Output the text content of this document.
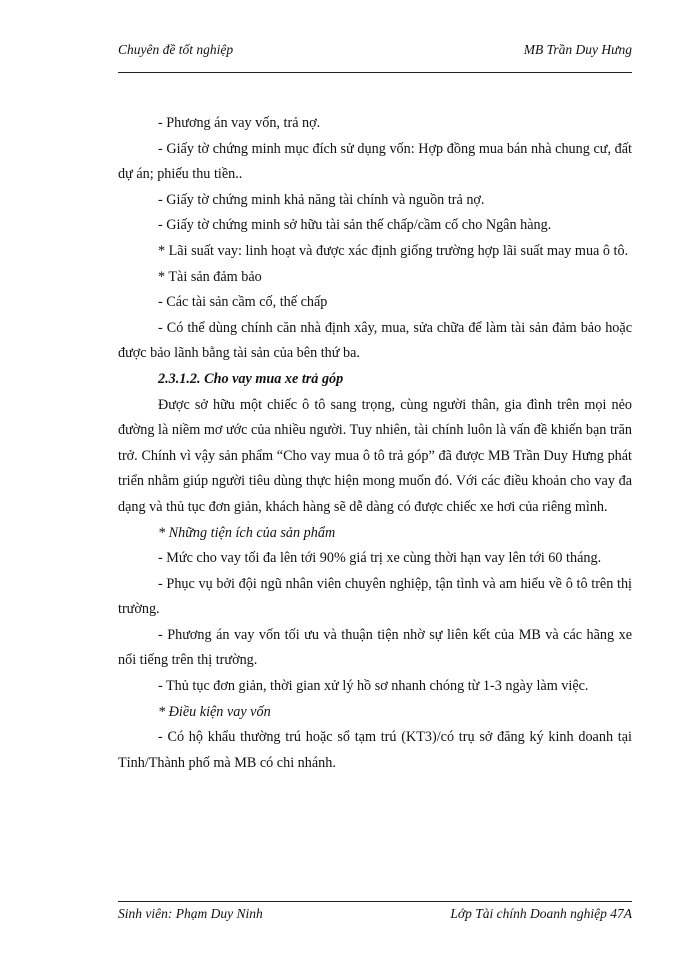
Chuyên đề tốt nghiệp	MB Trần Duy Hưng

- Phương án vay vốn, trả nợ.

- Giấy tờ chứng minh mục đích sử dụng vốn: Hợp đồng mua bán nhà chung cư, đất dự án; phiếu thu tiền..

- Giấy tờ chứng minh khả năng tài chính và nguồn trả nợ.

- Giấy tờ chứng minh sở hữu tài sản thế chấp/cầm cố cho Ngân hàng.

* Lãi suất vay: linh hoạt và được xác định giống trường hợp lãi suất may mua ô tô.

* Tài sản đảm bảo

- Các tài sản cầm cố, thế chấp

- Có thể dùng chính căn nhà định xây, mua, sửa chữa để làm tài sản đảm bảo hoặc được bảo lãnh bằng tài sản của bên thứ ba.

2.3.1.2. Cho vay mua xe trả góp

Được sở hữu một chiếc ô tô sang trọng, cùng người thân, gia đình trên mọi nẻo đường là niềm mơ ước của nhiều người. Tuy nhiên, tài chính luôn là vấn đề khiến bạn trăn trở. Chính vì vậy sản phẩm “Cho vay mua ô tô trả góp” đã được MB Trần Duy Hưng phát triển nhằm giúp người tiêu dùng thực hiện mong muốn đó. Với các điều khoản cho vay đa dạng và thủ tục đơn giản, khách hàng sẽ dễ dàng có được chiếc xe hơi của riêng mình.

* Những tiện ích của sản phẩm

- Mức cho vay tối đa lên tới 90% giá trị xe cùng thời hạn vay lên tới 60 tháng.

- Phục vụ bởi đội ngũ nhân viên chuyên nghiệp, tận tình và am hiểu về ô tô trên thị trường.

- Phương án vay vốn tối ưu và thuận tiện nhờ sự liên kết của MB và các hãng xe nổi tiếng trên thị trường.

- Thủ tục đơn giản, thời gian xử lý hồ sơ nhanh chóng từ 1-3 ngày làm việc.

* Điều kiện vay vốn

- Có hộ khẩu thường trú hoặc sổ tạm trú (KT3)/có trụ sở đăng ký kinh doanh tại Tỉnh/Thành phố mà MB có chi nhánh.

Sinh viên: Phạm Duy Ninh	Lớp Tài chính Doanh nghiệp 47A
